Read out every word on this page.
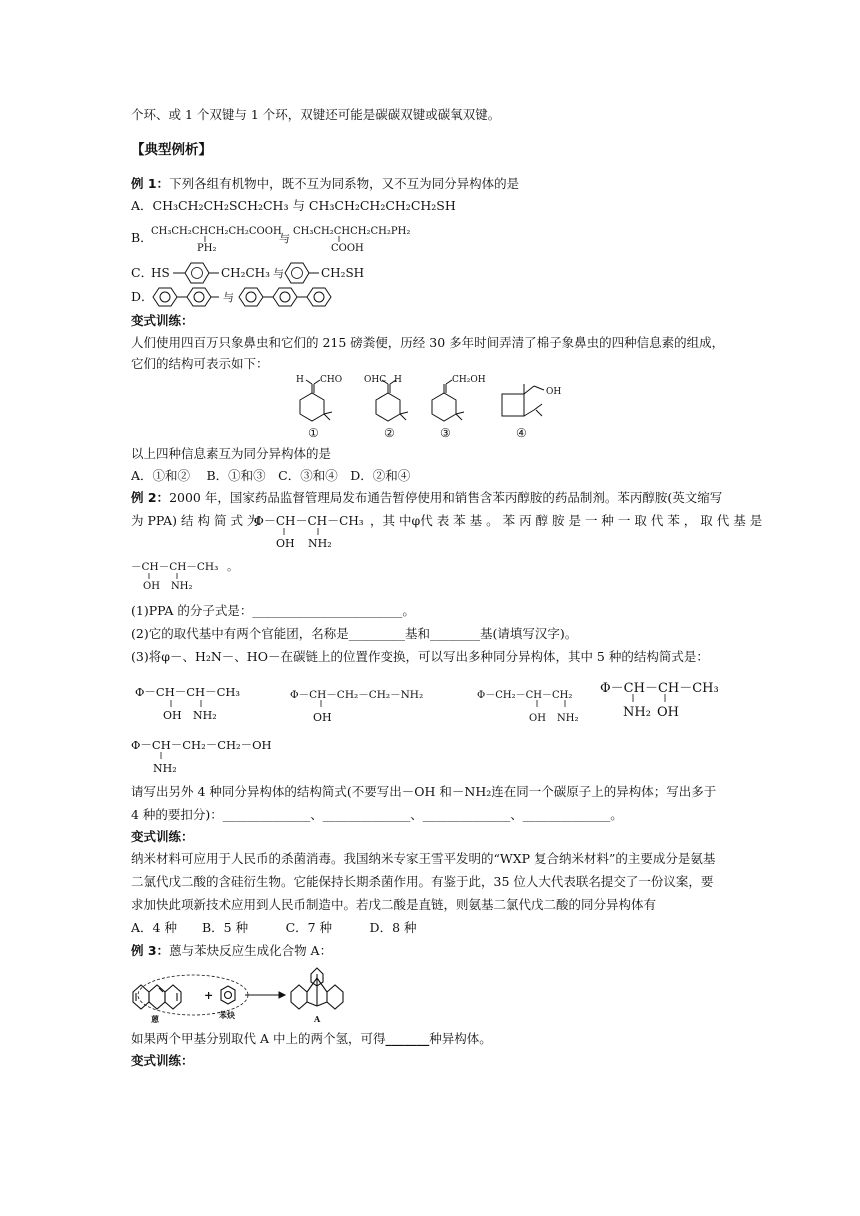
个环、或 1 个双键与 1 个环，双键还可能是碳碳双键或碳氧双键。
【典型例析】
例 1：下列各组有机物中，既不互为同系物，又不互为同分异构体的是
A．CH₃CH₂CH₂SCH₂CH₃ 与 CH₃CH₂CH₂CH₂CH₂SH
B．
CH₃CH₂CHCH₂CH₂COOH
PH₂
与
CH₃CH₂CHCH₂CH₂PH₂
COOH
C．
HS	CH₂CH₃ 与	CH₂SH
D．	与
变式训练：
人们使用四百万只象鼻虫和它们的 215 磅粪便，历经 30 多年时间弄清了棉子象鼻虫的四种信息素的组成，
它们的结构可表示如下：
H CHO
①
OHC H
②
CH₂OH
③
OH
④
以上四种信息素互为同分异构体的是
A．①和②　 B．①和③　C．③和④　D．②和④
例 2：2000 年，国家药品监督管理局发布通告暂停使用和销售含苯丙醇胺的药品制剂。苯丙醇胺(英文缩写
为 PPA) 结 构 简 式 为
Φ－CH－CH－CH₃
OH NH₂
，其 中φ代 表 苯 基 。 苯 丙 醇 胺 是 一 种 一 取 代 苯 ， 取 代 基 是
－CH－CH－CH₃
OH NH₂
。
(1)PPA 的分子式是：________________________。
(2)它的取代基中有两个官能团，名称是_________基和________基(请填写汉字)。
(3)将φ－、H₂N－、HO－在碳链上的位置作变换，可以写出多种同分异构体，其中 5 种的结构简式是：
Φ－CH－CH－CH₃
OH NH₂
Φ－CH－CH₂－CH₂－NH₂
OH
Φ－CH₂－CH－CH₂
OH NH₂
Φ－CH－CH－CH₃
NH₂ OH
Φ－CH－CH₂－CH₂－OH
NH₂
请写出另外 4 种同分异构体的结构简式(不要写出－OH 和－NH₂连在同一个碳原子上的异构体；写出多于
4 种的要扣分)：______________、______________、______________、______________。
变式训练：
纳米材料可应用于人民币的杀菌消毒。我国纳米专家王雪平发明的“WXP 复合纳米材料”的主要成分是氨基
二氯代戊二酸的含硅衍生物。它能保持长期杀菌作用。有鉴于此，35 位人大代表联名提交了一份议案，要
求加快此项新技术应用到人民币制造中。若戊二酸是直链，则氨基二氯代戊二酸的同分异构体有
A．4 种　　B．5 种　　　C．7 种　　　D．8 种
例 3：蒽与苯炔反应生成化合物 A：
+
蒽	苯炔	A
如果两个甲基分别取代 A 中上的两个氢，可得_______种异构体。
变式训练：
